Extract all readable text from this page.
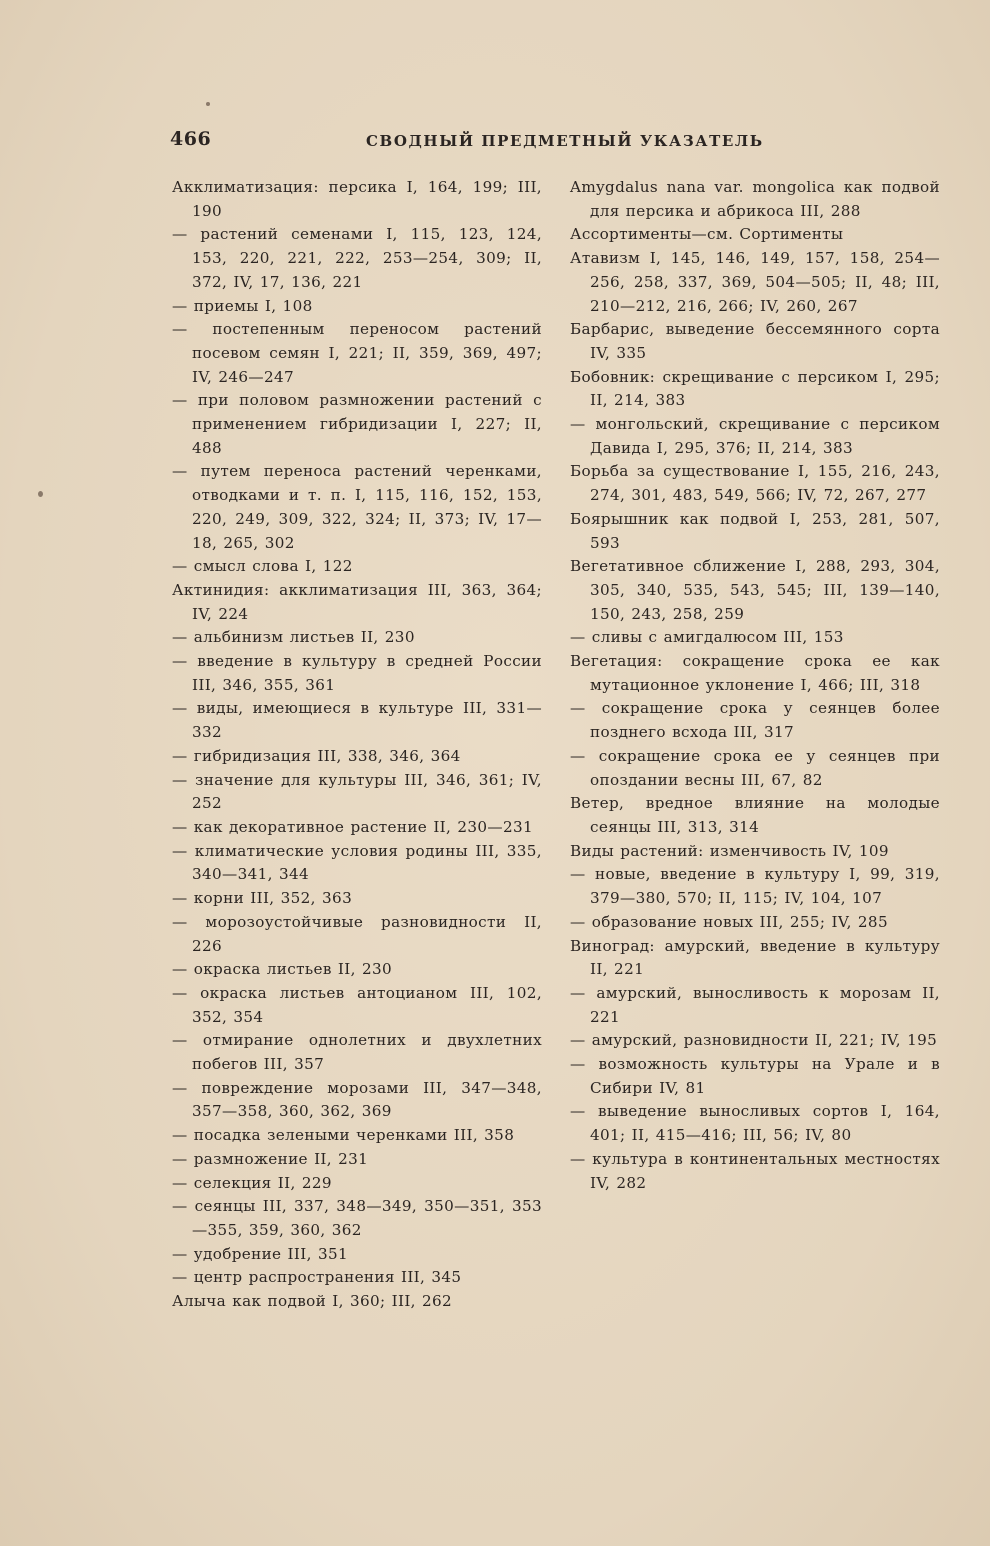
466	СВОДНЫЙ ПРЕДМЕТНЫЙ УКАЗАТЕЛЬ

Акклиматизация: персика I, 164, 199; III, 190

— растений семенами I, 115, 123, 124, 153, 220, 221, 222, 253—254, 309; II, 372, IV, 17, 136, 221

— приемы I, 108

— постепенным переносом растений посевом семян I, 221; II, 359, 369, 497; IV, 246—247

— при половом размножении растений с применением гибридизации I, 227; II, 488

— путем переноса растений черенками, отводками и т. п. I, 115, 116, 152, 153, 220, 249, 309, 322, 324; II, 373; IV, 17—18, 265, 302

— смысл слова I, 122

Актинидия: акклиматизация III, 363, 364; IV, 224

— альбинизм листьев II, 230

— введение в культуру в средней России III, 346, 355, 361

— виды, имеющиеся в культуре III, 331—332

— гибридизация III, 338, 346, 364

— значение для культуры III, 346, 361; IV, 252

— как декоративное растение II, 230—231

— климатические условия родины III, 335, 340—341, 344

— корни III, 352, 363

— морозоустойчивые разновидности II, 226

— окраска листьев II, 230

— окраска листьев антоцианом III, 102, 352, 354

— отмирание однолетних и двухлетних побегов III, 357

— повреждение морозами III, 347—348, 357—358, 360, 362, 369

— посадка зелеными черенками III, 358

— размножение II, 231

— селекция II, 229

— сеянцы III, 337, 348—349, 350—351, 353—355, 359, 360, 362

— удобрение III, 351

— центр распространения III, 345

Алыча как подвой I, 360; III, 262

Amygdalus nana var. mongolica как подвой для персика и абрикоса III, 288

Ассортименты—см. Сортименты

Атавизм I, 145, 146, 149, 157, 158, 254—256, 258, 337, 369, 504—505; II, 48; III, 210—212, 216, 266; IV, 260, 267

Барбарис, выведение бессемянного сорта IV, 335

Бобовник: скрещивание с персиком I, 295; II, 214, 383

— монгольский, скрещивание с персиком Давида I, 295, 376; II, 214, 383

Борьба за существование I, 155, 216, 243, 274, 301, 483, 549, 566; IV, 72, 267, 277

Боярышник как подвой I, 253, 281, 507, 593

Вегетативное сближение I, 288, 293, 304, 305, 340, 535, 543, 545; III, 139—140, 150, 243, 258, 259

— сливы с амигдалюсом III, 153

Вегетация: сокращение срока ее как мутационное уклонение I, 466; III, 318

— сокращение срока у сеянцев более позднего всхода III, 317

— сокращение срока ее у сеянцев при опоздании весны III, 67, 82

Ветер, вредное влияние на молодые сеянцы III, 313, 314

Виды растений: изменчивость IV, 109

— новые, введение в культуру I, 99, 319, 379—380, 570; II, 115; IV, 104, 107

— образование новых III, 255; IV, 285

Виноград: амурский, введение в культуру II, 221

— амурский, выносливость к морозам II, 221

— амурский, разновидности II, 221; IV, 195

— возможность культуры на Урале и в Сибири IV, 81

— выведение выносливых сортов I, 164, 401; II, 415—416; III, 56; IV, 80

— культура в континентальных местностях IV, 282
